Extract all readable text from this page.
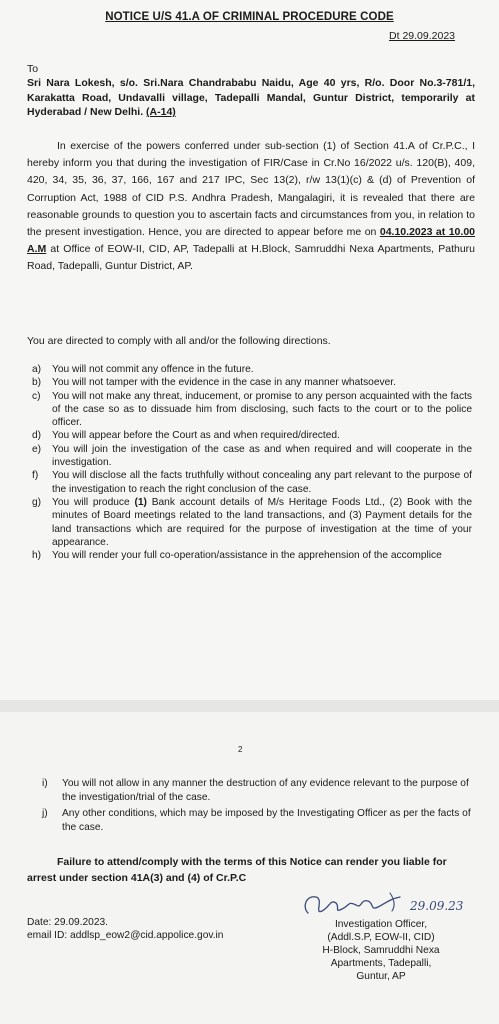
NOTICE U/S 41.A OF CRIMINAL PROCEDURE CODE
Dt 29.09.2023
To
Sri Nara Lokesh, s/o. Sri.Nara Chandrababu Naidu, Age 40 yrs, R/o. Door No.3-781/1, Karakatta Road, Undavalli village, Tadepalli Mandal, Guntur District, temporarily at Hyderabad / New Delhi. (A-14)
In exercise of the powers conferred under sub-section (1) of Section 41.A of Cr.P.C., I hereby inform you that during the investigation of FIR/Case in Cr.No 16/2022 u/s. 120(B), 409, 420, 34, 35, 36, 37, 166, 167 and 217 IPC, Sec 13(2), r/w 13(1)(c) & (d) of Prevention of Corruption Act, 1988 of CID P.S. Andhra Pradesh, Mangalagiri, it is revealed that there are reasonable grounds to question you to ascertain facts and circumstances from you, in relation to the present investigation. Hence, you are directed to appear before me on 04.10.2023 at 10.00 A.M at Office of EOW-II, CID, AP, Tadepalli at H.Block, Samruddhi Nexa Apartments, Pathuru Road, Tadepalli, Guntur District, AP.
You are directed to comply with all and/or the following directions.
a) You will not commit any offence in the future.
b) You will not tamper with the evidence in the case in any manner whatsoever.
c) You will not make any threat, inducement, or promise to any person acquainted with the facts of the case so as to dissuade him from disclosing, such facts to the court or to the police officer.
d) You will appear before the Court as and when required/directed.
e) You will join the investigation of the case as and when required and will cooperate in the investigation.
f) You will disclose all the facts truthfully without concealing any part relevant to the purpose of the investigation to reach the right conclusion of the case.
g) You will produce (1) Bank account details of M/s Heritage Foods Ltd., (2) Book with the minutes of Board meetings related to the land transactions, and (3) Payment details for the land transactions which are required for the purpose of investigation at the time of your appearance.
h) You will render your full co-operation/assistance in the apprehension of the accomplice
2
i) You will not allow in any manner the destruction of any evidence relevant to the purpose of the investigation/trial of the case.
j) Any other conditions, which may be imposed by the Investigating Officer as per the facts of the case.
Failure to attend/comply with the terms of this Notice can render you liable for arrest under section 41A(3) and (4) of Cr.P.C
Date: 29.09.2023.
email ID: addlsp_eow2@cid.appolice.gov.in
29.09.23
Investigation Officer,
(Addl.S.P, EOW-II, CID)
H-Block, Samruddhi Nexa
Apartments, Tadepalli,
Guntur, AP
